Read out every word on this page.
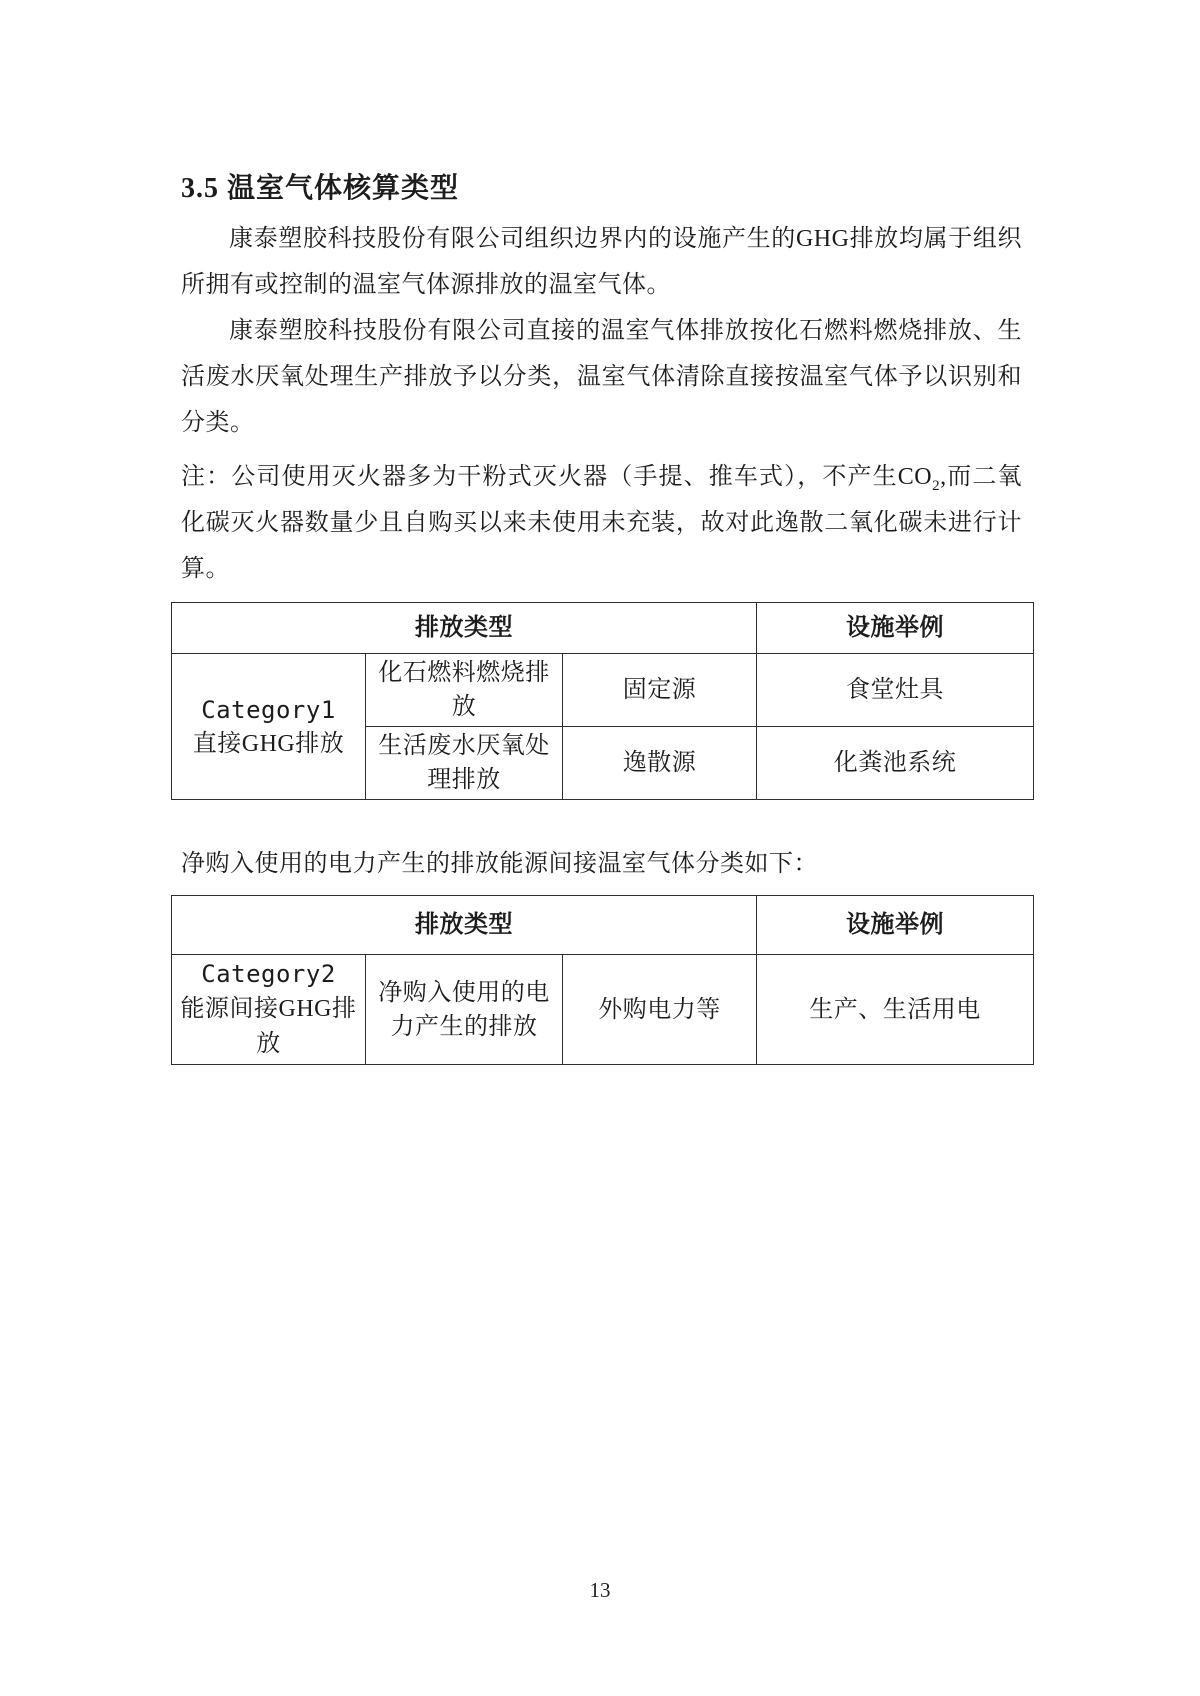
3.5 温室气体核算类型

康泰塑胶科技股份有限公司组织边界内的设施产生的GHG排放均属于组织所拥有或控制的温室气体源排放的温室气体。

康泰塑胶科技股份有限公司直接的温室气体排放按化石燃料燃烧排放、生活废水厌氧处理生产排放予以分类，温室气体清除直接按温室气体予以识别和分类。

注：公司使用灭火器多为干粉式灭火器（手提、推车式），不产生$CO_2$,而二氧化碳灭火器数量少且自购买以来未使用未充装，故对此逸散二氧化碳未进行计算。

排放类型			设施举例

Category1
直接GHG排放	化石燃料燃烧排放	固定源	食堂灶具
	生活废水厌氧处理排放	逸散源	化粪池系统

净购入使用的电力产生的排放能源间接温室气体分类如下：

排放类型			设施举例

Category2
能源间接GHG排放	净购入使用的电力产生的排放	外购电力等	生产、生活用电
13
